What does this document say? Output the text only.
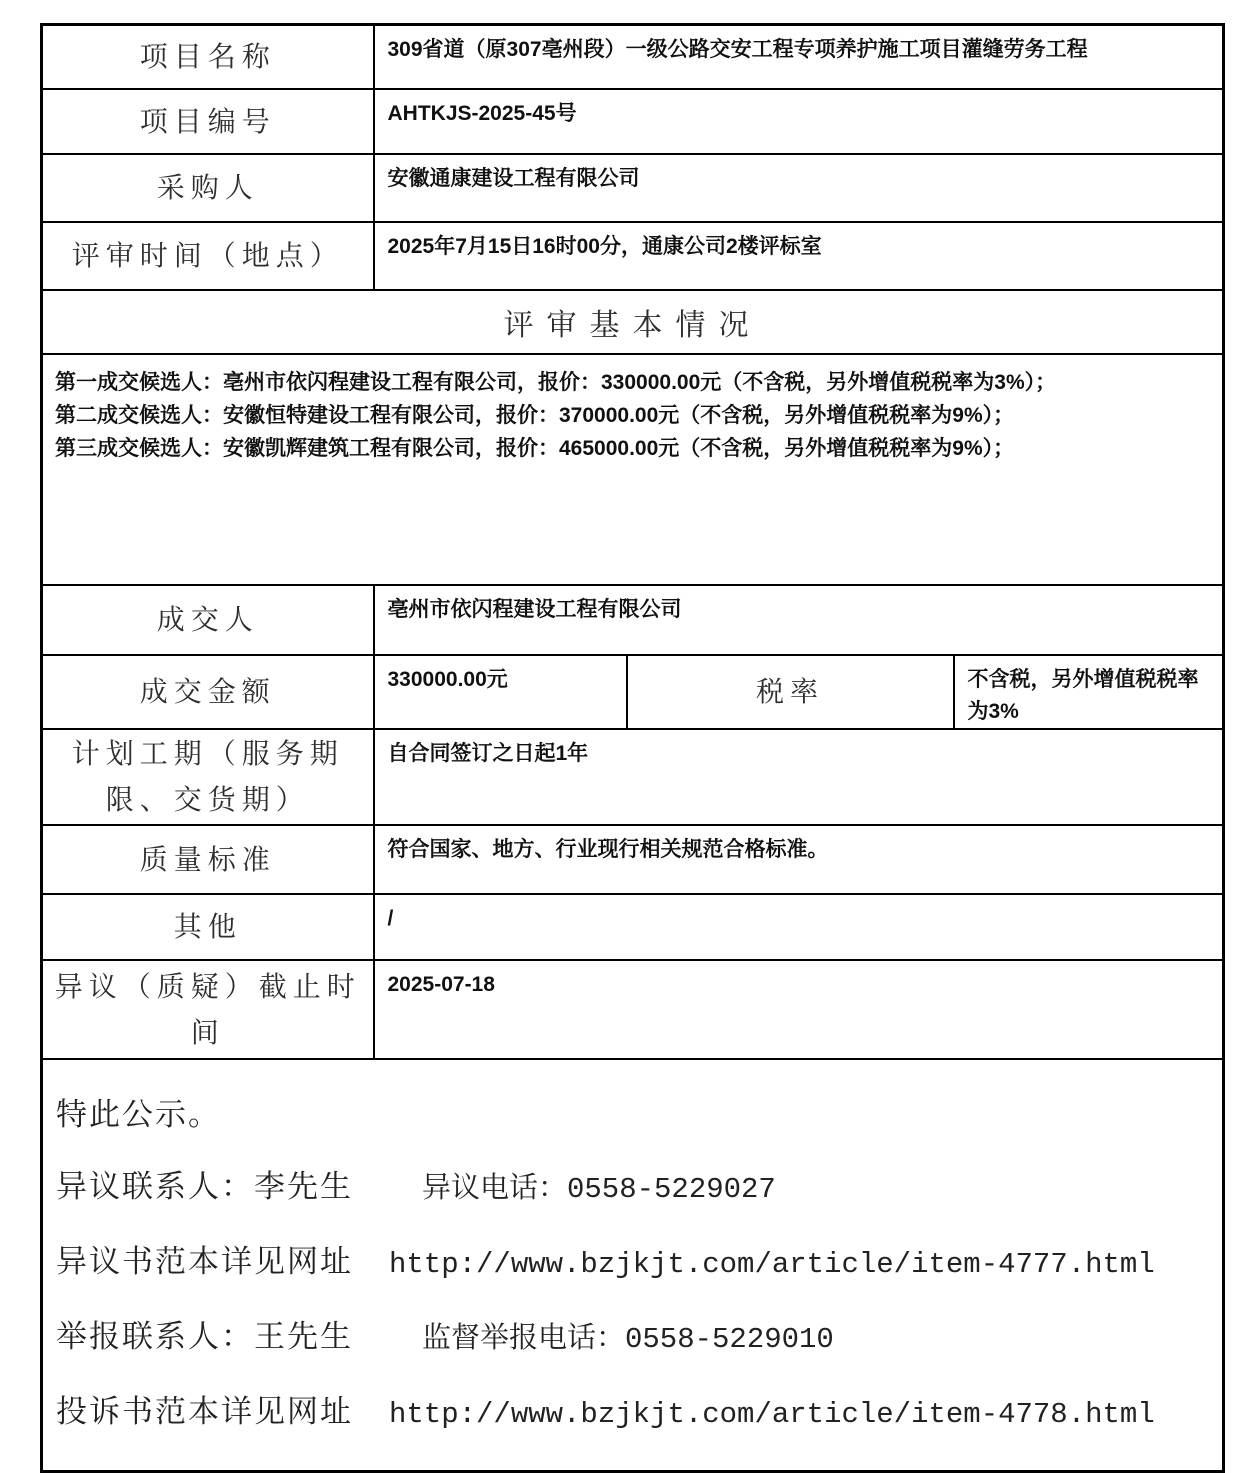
项目名称	309省道（原307亳州段）一级公路交安工程专项养护施工项目灌缝劳务工程		
项目编号	AHTKJS-2025-45号		
采购人	安徽通康建设工程有限公司		
评审时间（地点）	2025年7月15日16时00分，通康公司2楼评标室		
评审基本情况			

第一成交候选人：亳州市依闪程建设工程有限公司，报价：330000.00元（不含税，另外增值税税率为3%）；
第二成交候选人：安徽恒特建设工程有限公司，报价：370000.00元（不含税，另外增值税税率为9%）；
第三成交候选人：安徽凯辉建筑工程有限公司，报价：465000.00元（不含税，另外增值税税率为9%）；			

成交人	亳州市依闪程建设工程有限公司		
成交金额	330000.00元	税率	不含税，另外增值税税率为3%
计划工期（服务期限、交货期）	自合同签订之日起1年		
质量标准	符合国家、地方、行业现行相关规范合格标准。		
其他	/		
异议（质疑）截止时间	2025-07-18		

特此公示。
异议联系人：李先生	异议电话：0558-5229027
异议书范本详见网址	http://www.bzjkjt.com/article/item-4777.html
举报联系人：王先生	监督举报电话：0558-5229010
投诉书范本详见网址	http://www.bzjkjt.com/article/item-4778.html
